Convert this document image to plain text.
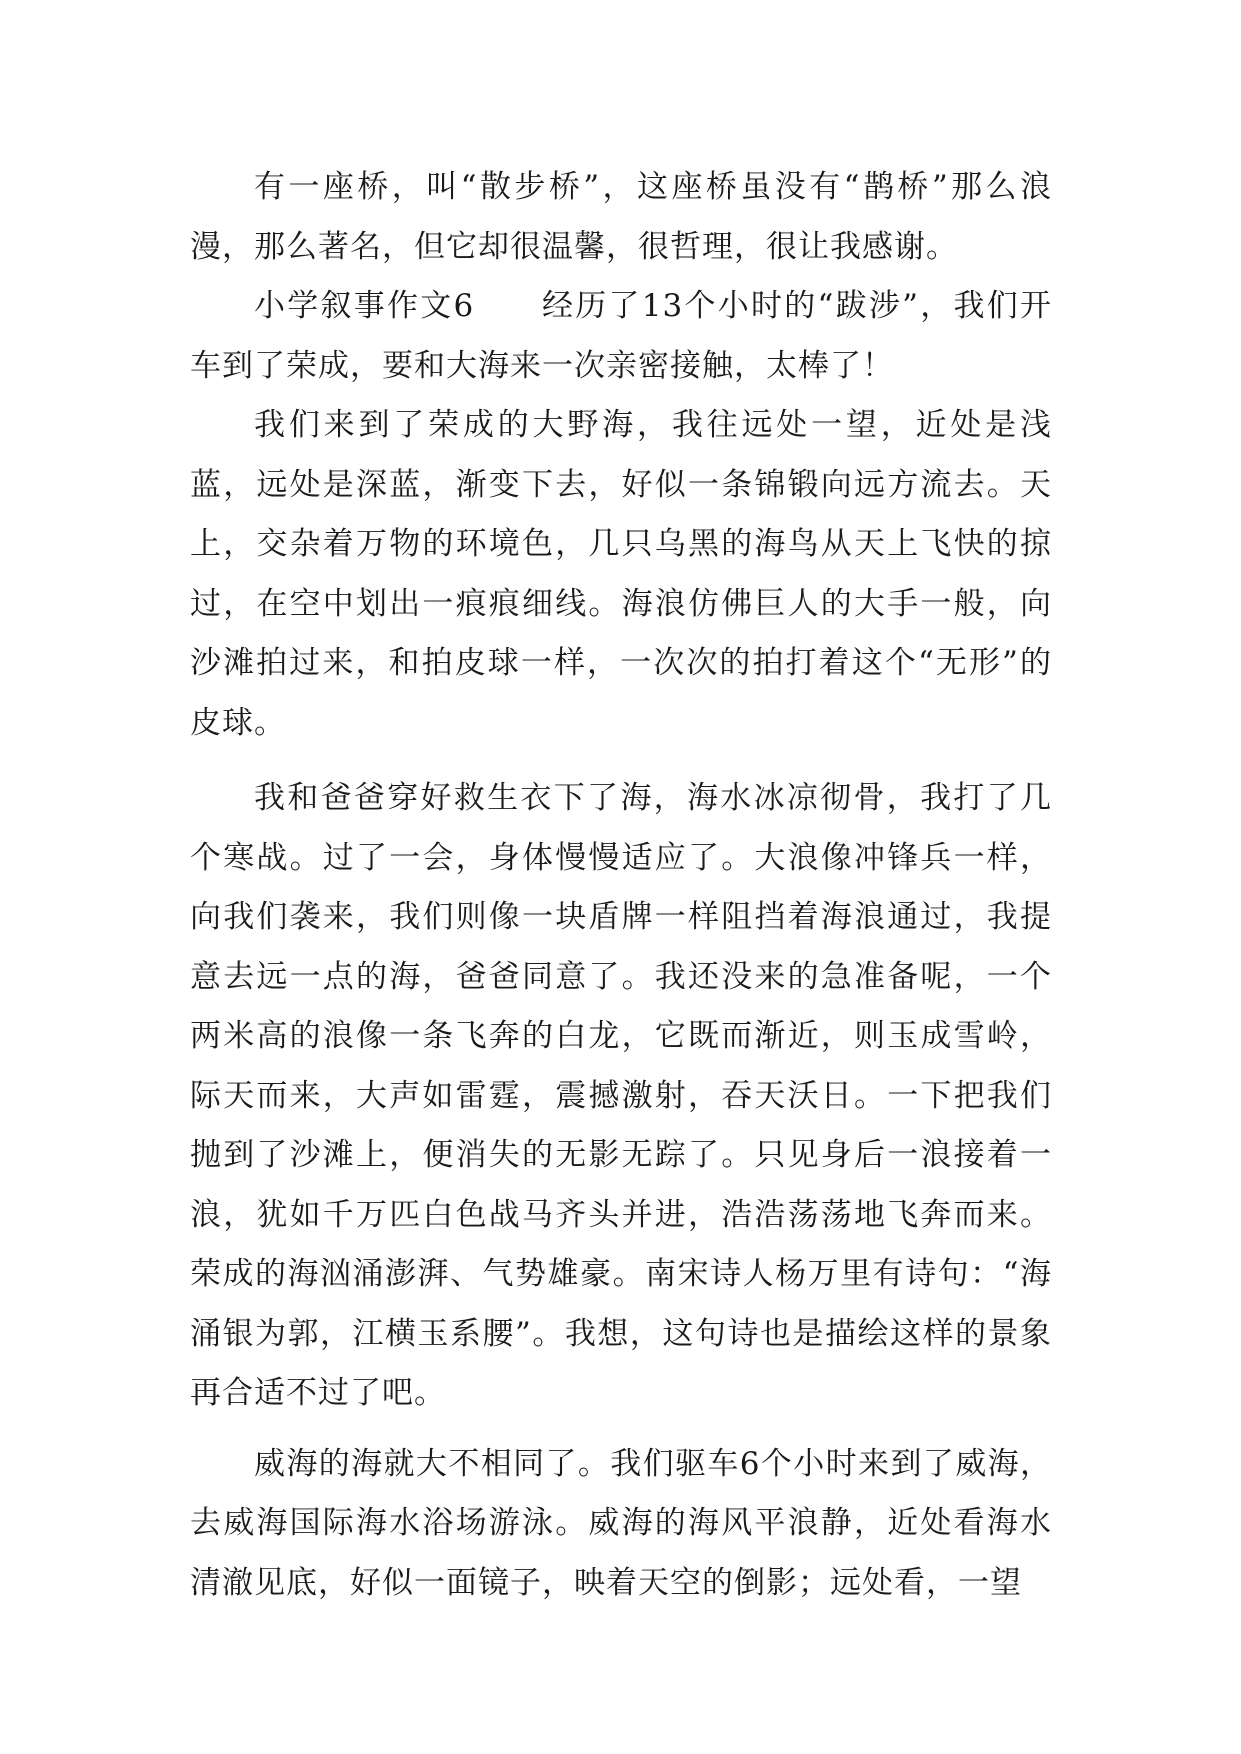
有一座桥，叫“散步桥”，这座桥虽没有“鹊桥”那么浪漫，那么著名，但它却很温馨，很哲理，很让我感谢。

小学叙事作文6　　经历了13个小时的“跋涉”，我们开车到了荣成，要和大海来一次亲密接触，太棒了！

我们来到了荣成的大野海，我往远处一望，近处是浅蓝，远处是深蓝，渐变下去，好似一条锦锻向远方流去。天上，交杂着万物的环境色，几只乌黑的海鸟从天上飞快的掠过，在空中划出一痕痕细线。海浪仿佛巨人的大手一般，向沙滩拍过来，和拍皮球一样，一次次的拍打着这个“无形”的皮球。

我和爸爸穿好救生衣下了海，海水冰凉彻骨，我打了几个寒战。过了一会，身体慢慢适应了。大浪像冲锋兵一样，向我们袭来，我们则像一块盾牌一样阻挡着海浪通过，我提意去远一点的海，爸爸同意了。我还没来的急准备呢，一个两米高的浪像一条飞奔的白龙，它既而渐近，则玉成雪岭，际天而来，大声如雷霆，震撼激射，吞天沃日。一下把我们抛到了沙滩上，便消失的无影无踪了。只见身后一浪接着一浪，犹如千万匹白色战马齐头并进，浩浩荡荡地飞奔而来。荣成的海汹涌澎湃、气势雄豪。南宋诗人杨万里有诗句：“海涌银为郭，江横玉系腰”。我想，这句诗也是描绘这样的景象再合适不过了吧。

威海的海就大不相同了。我们驱车6个小时来到了威海，去威海国际海水浴场游泳。威海的海风平浪静，近处看海水清澈见底，好似一面镜子，映着天空的倒影；远处看，一望
